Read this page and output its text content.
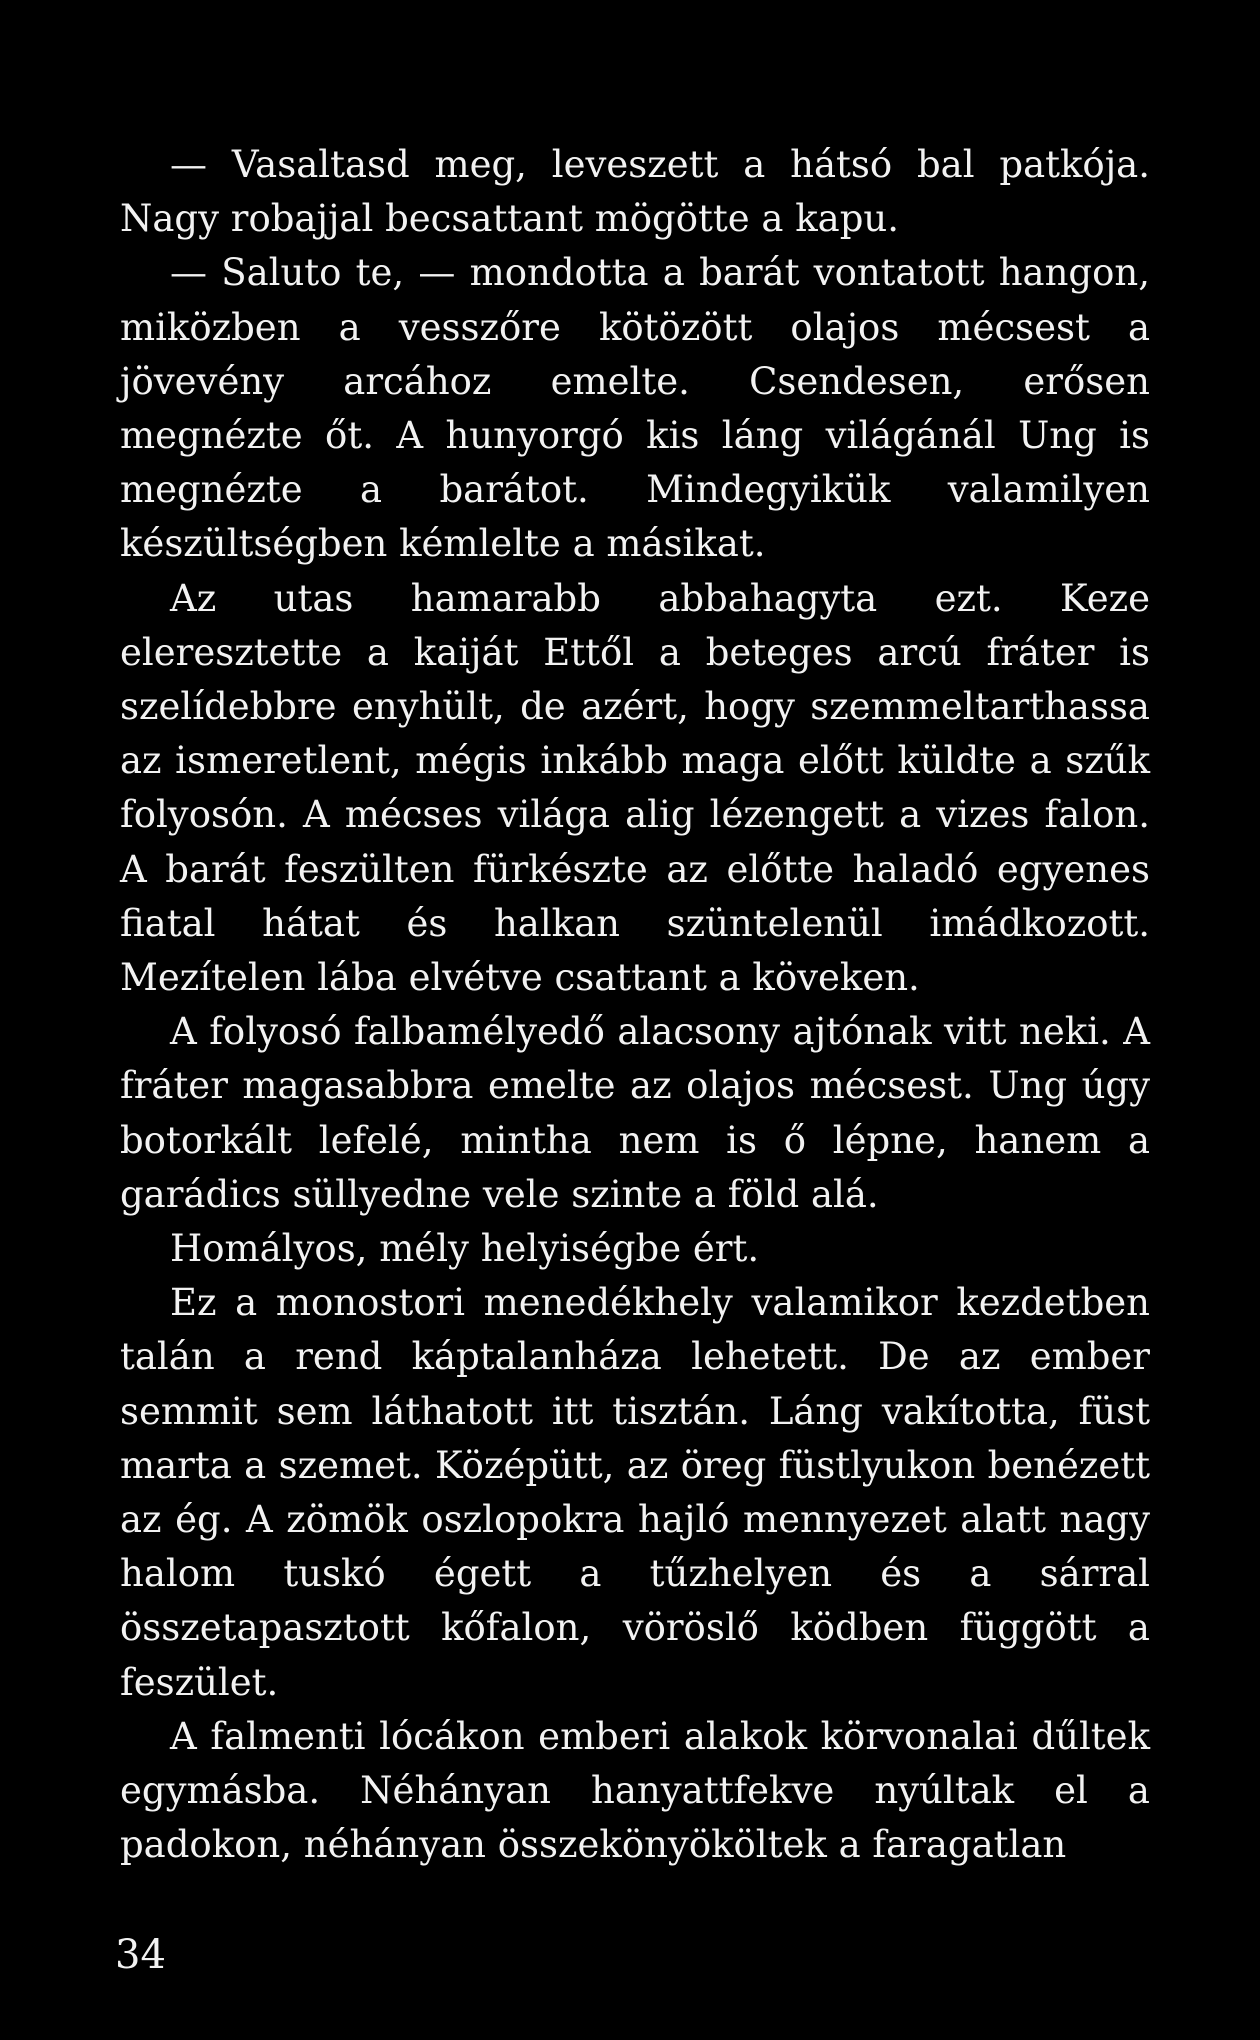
— Vasaltasd meg, leveszett a hátsó bal patkója. Nagy robajjal becsattant mögötte a kapu.

— Saluto te, — mondotta a barát vontatott hangon, miközben a vesszőre kötözött olajos mécsest a jövevény arcához emelte. Csendesen, erősen megnézte őt. A hunyorgó kis láng világánál Ung is megnézte a barátot. Mindegyikük valamilyen készültségben kémlelte a másikat.

Az utas hamarabb abbahagyta ezt. Keze eleresztette a kaiját Ettől a beteges arcú fráter is szelídebbre enyhült, de azért, hogy szemmeltarthassa az ismeretlent, mégis inkább maga előtt küldte a szűk folyosón. A mécses világa alig lézengett a vizes falon. A barát feszülten fürkészte az előtte haladó egyenes fiatal hátat és halkan szüntelenül imádkozott. Mezítelen lába elvétve csattant a köveken.

A folyosó falbamélyedő alacsony ajtónak vitt neki. A fráter magasabbra emelte az olajos mécsest. Ung úgy botorkált lefelé, mintha nem is ő lépne, hanem a garádics süllyedne vele szinte a föld alá.

Homályos, mély helyiségbe ért.

Ez a monostori menedékhely valamikor kezdetben talán a rend káptalanháza lehetett. De az ember semmit sem láthatott itt tisztán. Láng vakította, füst marta a szemet. Középütt, az öreg füstlyukon benézett az ég. A zömök oszlopokra hajló mennyezet alatt nagy halom tuskó égett a tűzhelyen és a sárral összetapasztott kőfalon, vöröslő ködben függött a feszület.

A falmenti lócákon emberi alakok körvonalai dűltek egymásba. Néhányan hanyattfekve nyúltak el a padokon, néhányan összekönyököltek a faragatlan

34
